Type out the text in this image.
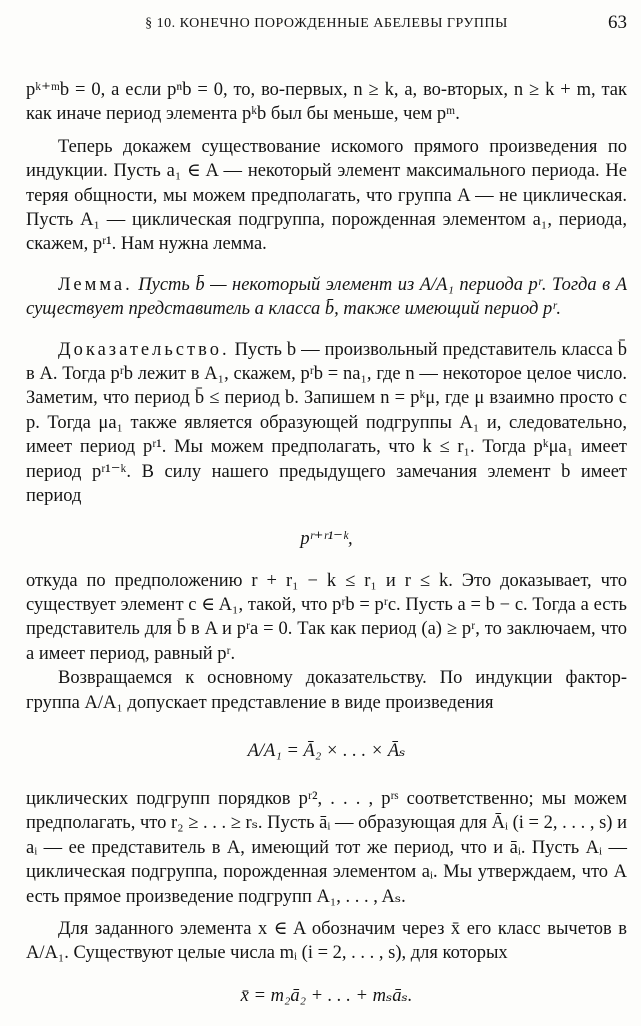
§ 10. КОНЕЧНО ПОРОЖДЕННЫЕ АБЕЛЕВЫ ГРУППЫ	63

pᵏ⁺ᵐb = 0, а если pⁿb = 0, то, во-первых, n ≥ k, а, во-вторых, n ≥ k + m, так как иначе период элемента pᵏb был бы меньше, чем pᵐ.

Теперь докажем существование искомого прямого произведения по индукции. Пусть a₁ ∈ A — некоторый элемент максимального периода. Не теряя общности, мы можем предполагать, что группа A — не циклическая. Пусть A₁ — циклическая подгруппа, порожденная элементом a₁, периода, скажем, pʳ¹. Нам нужна лемма.

Лемма. Пусть b̄ — некоторый элемент из A/A₁ периода pʳ. Тогда в A существует представитель a класса b̄, также имеющий период pʳ.

Доказательство. Пусть b — произвольный представитель класса b̄ в A. Тогда pʳb лежит в A₁, скажем, pʳb = na₁, где n — некоторое целое число. Заметим, что период b̄ ≤ период b. Запишем n = pᵏμ, где μ взаимно просто с p. Тогда μa₁ также является образующей подгруппы A₁ и, следовательно, имеет период pʳ¹. Мы можем предполагать, что k ≤ r₁. Тогда pᵏμa₁ имеет период pʳ¹⁻ᵏ. В силу нашего предыдущего замечания элемент b имеет период

pʳ⁺ʳ¹⁻ᵏ,

откуда по предположению r + r₁ − k ≤ r₁ и r ≤ k. Это доказывает, что существует элемент c ∈ A₁, такой, что pʳb = pʳc. Пусть a = b − c. Тогда a есть представитель для b̄ в A и pʳa = 0. Так как период (a) ≥ pʳ, то заключаем, что a имеет период, равный pʳ.

Возвращаемся к основному доказательству. По индукции фактор-группа A/A₁ допускает представление в виде произведения

A/A₁ = Ā₂ × . . . × Āₛ

циклических подгрупп порядков pʳ², . . . , pʳˢ соответственно; мы можем предполагать, что r₂ ≥ . . . ≥ rₛ. Пусть āᵢ — образующая для Āᵢ (i = 2, . . . , s) и aᵢ — ее представитель в A, имеющий тот же период, что и āᵢ. Пусть Aᵢ — циклическая подгруппа, порожденная элементом aᵢ. Мы утверждаем, что A есть прямое произведение подгрупп A₁, . . . , Aₛ.

Для заданного элемента x ∈ A обозначим через x̄ его класс вычетов в A/A₁. Существуют целые числа mᵢ (i = 2, . . . , s), для которых

x̄ = m₂ā₂ + . . . + mₛāₛ.
